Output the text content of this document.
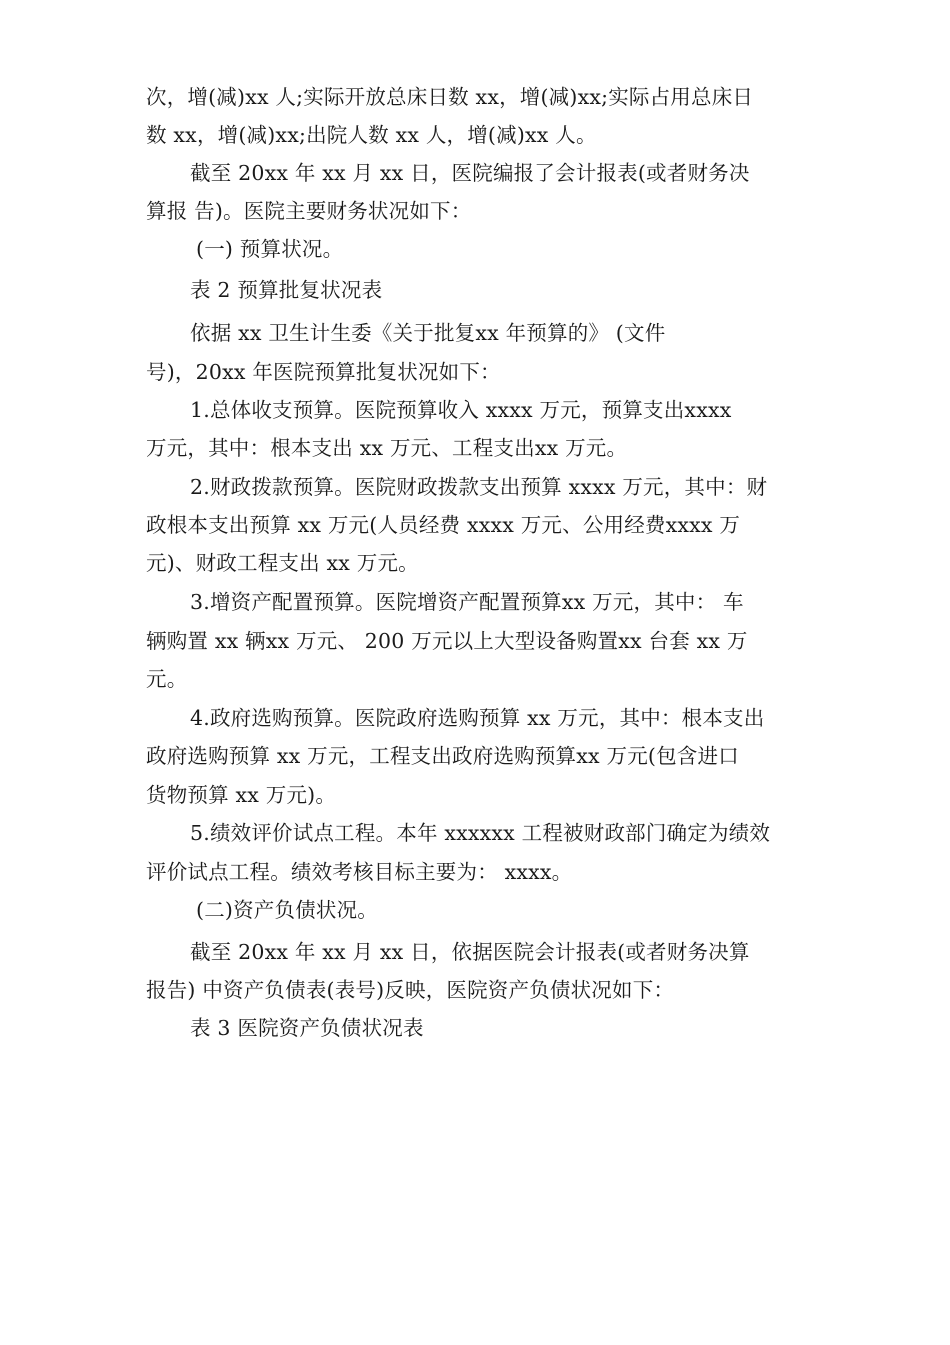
次，增(减)xx 人;实际开放总床日数 xx，增(减)xx;实际占用总床日
数 xx，增(减)xx;出院人数 xx 人，增(减)xx 人。
截至 20xx 年 xx 月 xx 日，医院编报了会计报表(或者财务决
算报 告)。医院主要财务状况如下：
(一) 预算状况。
表 2 预算批复状况表
依据 xx 卫生计生委《关于批复xx 年预算的》 (文件
号)，20xx 年医院预算批复状况如下：
1.总体收支预算。医院预算收入 xxxx 万元，预算支出xxxx
万元，其中：根本支出 xx 万元、工程支出xx 万元。
2.财政拨款预算。医院财政拨款支出预算 xxxx 万元，其中：财
政根本支出预算 xx 万元(人员经费 xxxx 万元、公用经费xxxx 万
元)、财政工程支出 xx 万元。
3.增资产配置预算。医院增资产配置预算xx 万元，其中： 车
辆购置 xx 辆xx 万元、 200 万元以上大型设备购置xx 台套 xx 万
元。
4.政府选购预算。医院政府选购预算 xx 万元，其中：根本支出
政府选购预算 xx 万元，工程支出政府选购预算xx 万元(包含进口
货物预算 xx 万元)。
5.绩效评价试点工程。本年 xxxxxx 工程被财政部门确定为绩效
评价试点工程。绩效考核目标主要为： xxxx。
(二)资产负债状况。
截至 20xx 年 xx 月 xx 日，依据医院会计报表(或者财务决算
报告) 中资产负债表(表号)反映，医院资产负债状况如下：
表 3 医院资产负债状况表
